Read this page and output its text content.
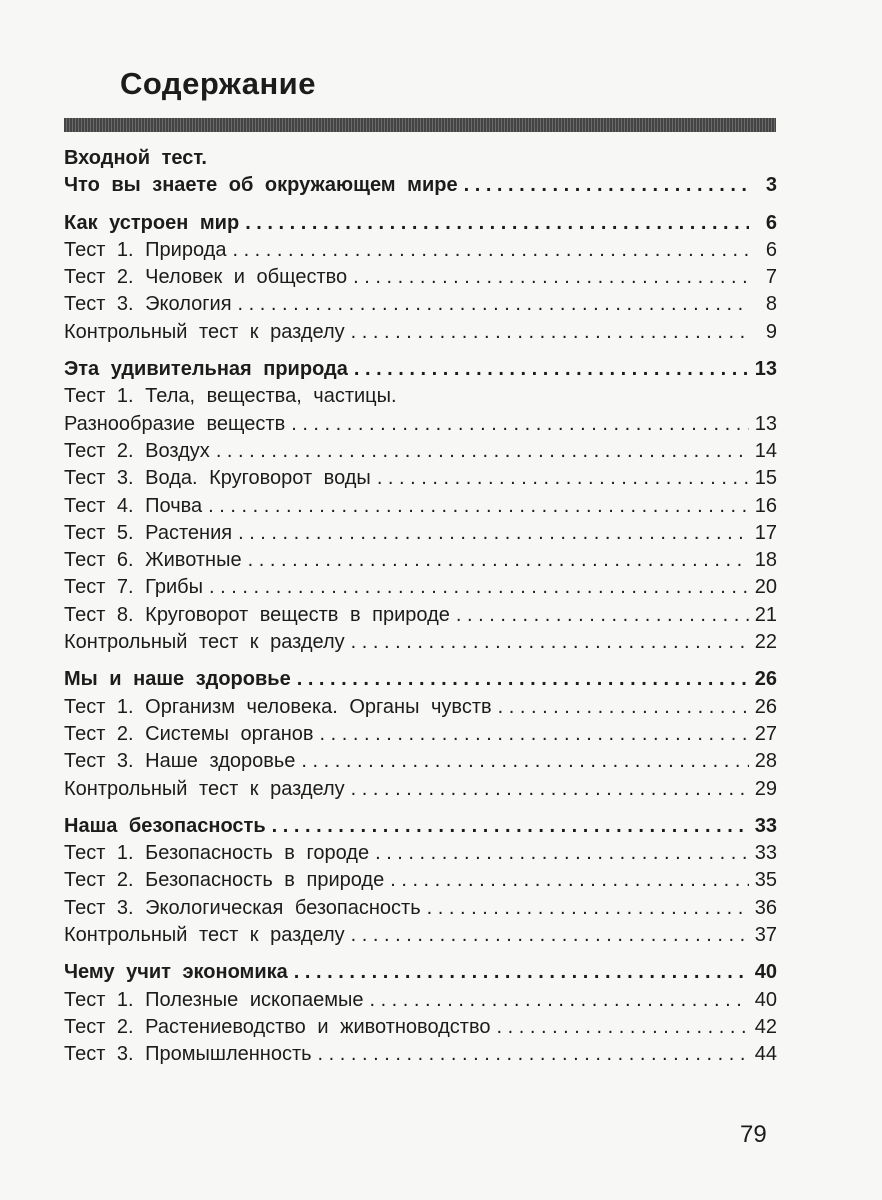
Содержание
Входной тест.
Что вы знаете об окружающем мире . . .	3
Как устроен мир . . .	6
Тест 1. Природа . . .	6
Тест 2. Человек и общество . . .	7
Тест 3. Экология . . .	8
Контрольный тест к разделу . . .	9
Эта удивительная природа . . .	13
Тест 1. Тела, вещества, частицы.
Разнообразие веществ . . .	13
Тест 2. Воздух . . .	14
Тест 3. Вода. Круговорот воды . . .	15
Тест 4. Почва . . .	16
Тест 5. Растения . . .	17
Тест 6. Животные . . .	18
Тест 7. Грибы . . .	20
Тест 8. Круговорот веществ в природе . . .	21
Контрольный тест к разделу . . .	22
Мы и наше здоровье . . .	26
Тест 1. Организм человека. Органы чувств . . .	26
Тест 2. Системы органов . . .	27
Тест 3. Наше здоровье . . .	28
Контрольный тест к разделу . . .	29
Наша безопасность . . .	33
Тест 1. Безопасность в городе . . .	33
Тест 2. Безопасность в природе . . .	35
Тест 3. Экологическая безопасность . . .	36
Контрольный тест к разделу . . .	37
Чему учит экономика . . .	40
Тест 1. Полезные ископаемые . . .	40
Тест 2. Растениеводство и животноводство . . .	42
Тест 3. Промышленность . . .	44
79
